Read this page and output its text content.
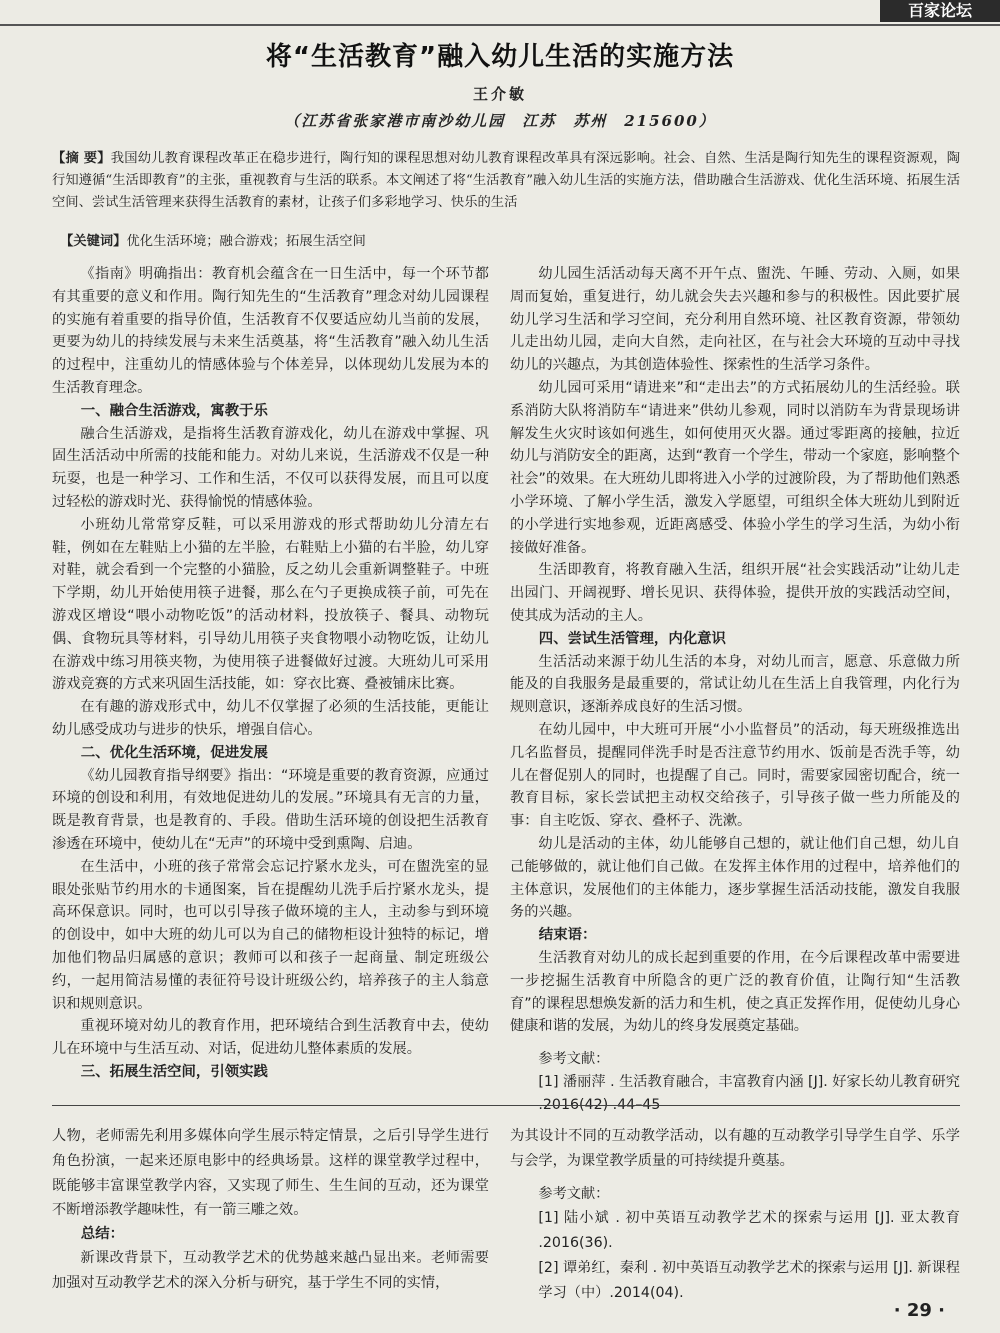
百家论坛
将“生活教育”融入幼儿生活的实施方法
王介敏
（江苏省张家港市南沙幼儿园　江苏　苏州　215600）
【摘 要】我国幼儿教育课程改革正在稳步进行，陶行知的课程思想对幼儿教育课程改革具有深远影响。社会、自然、生活是陶行知先生的课程资源观，陶行知遵循“生活即教育”的主张，重视教育与生活的联系。本文阐述了将“生活教育”融入幼儿生活的实施方法，借助融合生活游戏、优化生活环境、拓展生活空间、尝试生活管理来获得生活教育的素材，让孩子们多彩地学习、快乐的生活
【关键词】优化生活环境；融合游戏；拓展生活空间

《指南》明确指出：教育机会蕴含在一日生活中，每一个环节都有其重要的意义和作用。陶行知先生的“生活教育”理念对幼儿园课程的实施有着重要的指导价值，生活教育不仅要适应幼儿当前的发展，更要为幼儿的持续发展与未来生活奠基，将“生活教育”融入幼儿生活的过程中，注重幼儿的情感体验与个体差异，以体现幼儿发展为本的生活教育理念。

一、融合生活游戏，寓教于乐

融合生活游戏，是指将生活教育游戏化，幼儿在游戏中掌握、巩固生活活动中所需的技能和能力。对幼儿来说，生活游戏不仅是一种玩耍，也是一种学习、工作和生活，不仅可以获得发展，而且可以度过轻松的游戏时光、获得愉悦的情感体验。

小班幼儿常常穿反鞋，可以采用游戏的形式帮助幼儿分清左右鞋，例如在左鞋贴上小猫的左半脸，右鞋贴上小猫的右半脸，幼儿穿对鞋，就会看到一个完整的小猫脸，反之幼儿会重新调整鞋子。中班下学期，幼儿开始使用筷子进餐，那么在勺子更换成筷子前，可先在游戏区增设“喂小动物吃饭”的活动材料，投放筷子、餐具、动物玩偶、食物玩具等材料，引导幼儿用筷子夹食物喂小动物吃饭，让幼儿在游戏中练习用筷夹物，为使用筷子进餐做好过渡。大班幼儿可采用游戏竞赛的方式来巩固生活技能，如：穿衣比赛、叠被铺床比赛。

在有趣的游戏形式中，幼儿不仅掌握了必须的生活技能，更能让幼儿感受成功与进步的快乐，增强自信心。

二、优化生活环境，促进发展

《幼儿园教育指导纲要》指出：“环境是重要的教育资源，应通过环境的创设和利用，有效地促进幼儿的发展。”环境具有无言的力量，既是教育背景，也是教育的、手段。借助生活环境的创设把生活教育渗透在环境中，使幼儿在“无声”的环境中受到熏陶、启迪。

在生活中，小班的孩子常常会忘记拧紧水龙头，可在盥洗室的显眼处张贴节约用水的卡通图案，旨在提醒幼儿洗手后拧紧水龙头，提高环保意识。同时，也可以引导孩子做环境的主人，主动参与到环境的创设中，如中大班的幼儿可以为自己的储物柜设计独特的标记，增加他们物品归属感的意识；教师可以和孩子一起商量、制定班级公约，一起用简洁易懂的表征符号设计班级公约，培养孩子的主人翁意识和规则意识。

重视环境对幼儿的教育作用，把环境结合到生活教育中去，使幼儿在环境中与生活互动、对话，促进幼儿整体素质的发展。

三、拓展生活空间，引领实践

幼儿园生活活动每天离不开午点、盥洗、午睡、劳动、入厕，如果周而复始，重复进行，幼儿就会失去兴趣和参与的积极性。因此要扩展幼儿学习生活和学习空间，充分利用自然环境、社区教育资源，带领幼儿走出幼儿园，走向大自然，走向社区，在与社会大环境的互动中寻找幼儿的兴趣点，为其创造体验性、探索性的生活学习条件。

幼儿园可采用“请进来”和“走出去”的方式拓展幼儿的生活经验。联系消防大队将消防车“请进来”供幼儿参观，同时以消防车为背景现场讲解发生火灾时该如何逃生，如何使用灭火器。通过零距离的接触，拉近幼儿与消防安全的距离，达到“教育一个学生，带动一个家庭，影响整个社会”的效果。在大班幼儿即将进入小学的过渡阶段，为了帮助他们熟悉小学环境、了解小学生活，激发入学愿望，可组织全体大班幼儿到附近的小学进行实地参观，近距离感受、体验小学生的学习生活，为幼小衔接做好准备。

生活即教育，将教育融入生活，组织开展“社会实践活动”让幼儿走出园门、开阔视野、增长见识、获得体验，提供开放的实践活动空间，使其成为活动的主人。

四、尝试生活管理，内化意识

生活活动来源于幼儿生活的本身，对幼儿而言，愿意、乐意做力所能及的自我服务是最重要的，常试让幼儿在生活上自我管理，内化行为规则意识，逐渐养成良好的生活习惯。

在幼儿园中，中大班可开展“小小监督员”的活动，每天班级推选出几名监督员，提醒同伴洗手时是否注意节约用水、饭前是否洗手等，幼儿在督促别人的同时，也提醒了自己。同时，需要家园密切配合，统一教育目标，家长尝试把主动权交给孩子，引导孩子做一些力所能及的事：自主吃饭、穿衣、叠杯子、洗漱。

幼儿是活动的主体，幼儿能够自己想的，就让他们自己想，幼儿自己能够做的，就让他们自己做。在发挥主体作用的过程中，培养他们的主体意识，发展他们的主体能力，逐步掌握生活活动技能，激发自我服务的兴趣。

结束语：

生活教育对幼儿的成长起到重要的作用，在今后课程改革中需要进一步挖掘生活教育中所隐含的更广泛的教育价值，让陶行知“生活教育”的课程思想焕发新的活力和生机，使之真正发挥作用，促使幼儿身心健康和谐的发展，为幼儿的终身发展奠定基础。

参考文献：

[1] 潘丽萍 . 生活教育融合，丰富教育内涵 [J]. 好家长幼儿教育研究 .2016(42) .44–45

人物，老师需先利用多媒体向学生展示特定情景，之后引导学生进行角色扮演，一起来还原电影中的经典场景。这样的课堂教学过程中，既能够丰富课堂教学内容，又实现了师生、生生间的互动，还为课堂不断增添教学趣味性，有一箭三雕之效。

总结：

新课改背景下，互动教学艺术的优势越来越凸显出来。老师需要加强对互动教学艺术的深入分析与研究，基于学生不同的实情，

为其设计不同的互动教学活动，以有趣的互动教学引导学生自学、乐学与会学，为课堂教学质量的可持续提升奠基。

参考文献：

[1] 陆小斌 . 初中英语互动教学艺术的探索与运用 [J]. 亚太教育 .2016(36).

[2] 谭弟红，秦利 . 初中英语互动教学艺术的探索与运用 [J]. 新课程学习（中）.2014(04).

· 29 ·
